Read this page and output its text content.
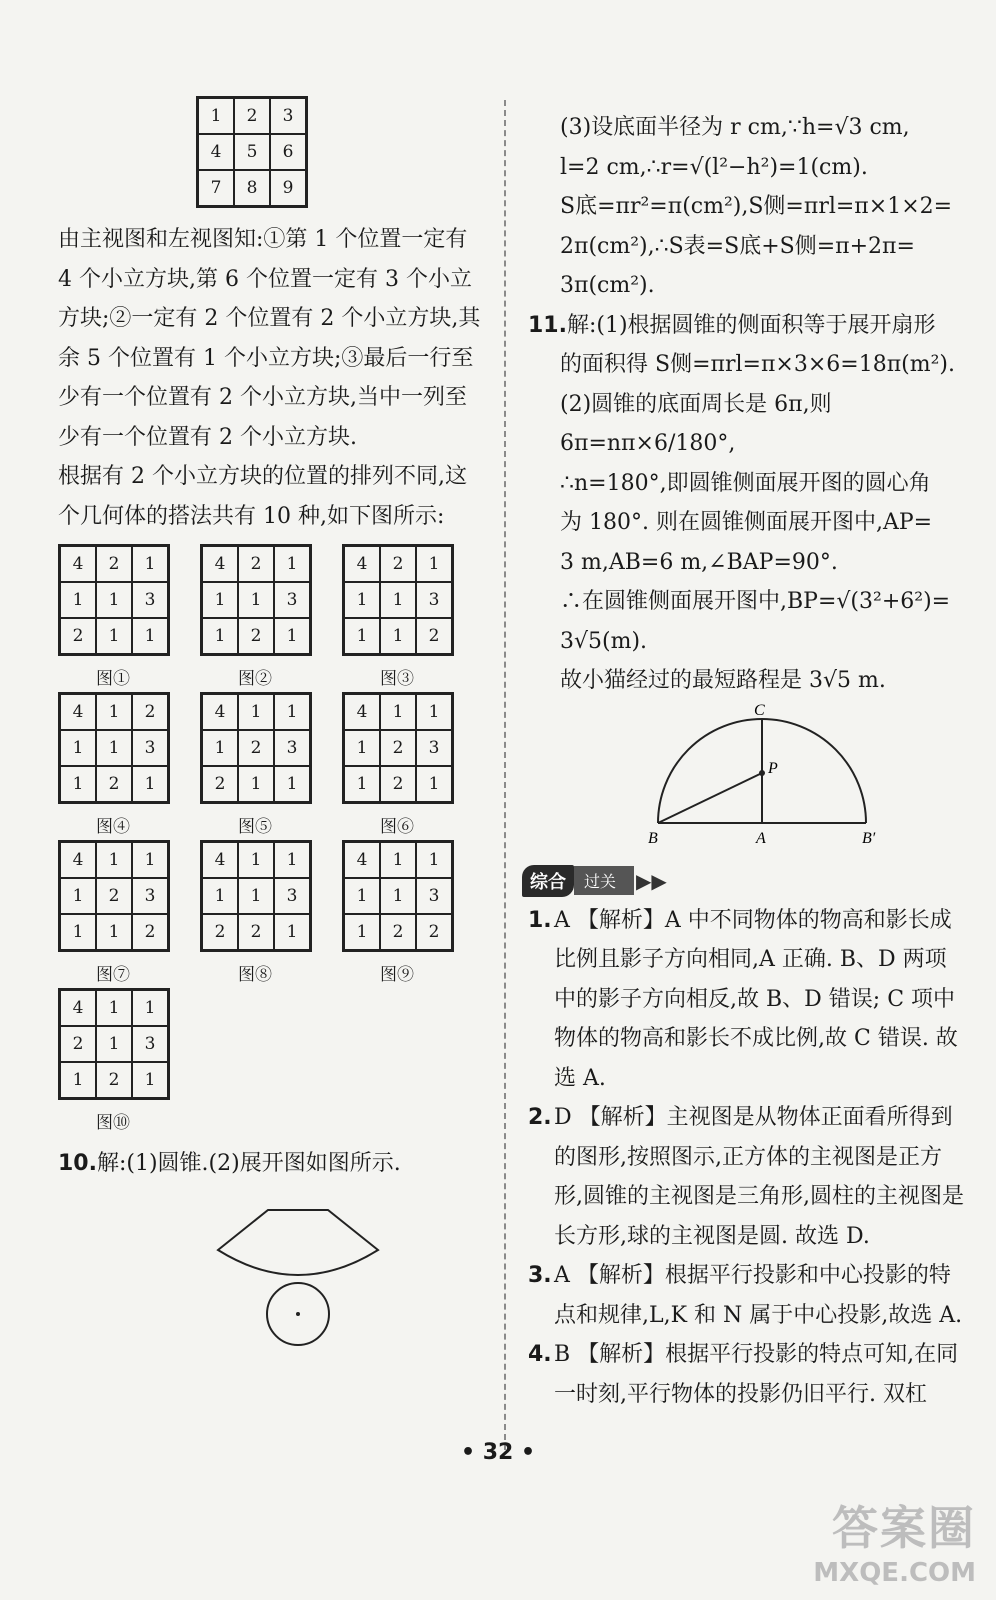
1	2	3
4	5	6
7	8	9

由主视图和左视图知:①第 1 个位置一定有 4 个小立方块,第 6 个位置一定有 3 个小立方块;②一定有 2 个位置有 2 个小立方块,其余 5 个位置有 1 个小立方块;③最后一行至少有一个位置有 2 个小立方块,当中一列至少有一个位置有 2 个小立方块.

根据有 2 个小立方块的位置的排列不同,这个几何体的搭法共有 10 种,如下图所示:

4	2	1
1	1	3
2	1	1
图①
4	2	1
1	1	3
1	2	1
图②
4	2	1
1	1	3
1	1	2
图③
4	1	2
1	1	3
1	2	1
图④
4	1	1
1	2	3
2	1	1
图⑤
4	1	1
1	2	3
1	2	1
图⑥
4	1	1
1	2	3
1	1	2
图⑦
4	1	1
1	1	3
2	2	1
图⑧
4	1	1
1	1	3
1	2	2
图⑨
4	1	1
2	1	3
1	2	1
图⑩

10.解:(1)圆锥.(2)展开图如图所示.

(3)设底面半径为 r cm,∵h=√3 cm,

l=2 cm,∴r=√(l²−h²)=1(cm).

S底=πr²=π(cm²),S侧=πrl=π×1×2=

2π(cm²),∴S表=S底+S侧=π+2π=

3π(cm²).

11.解:(1)根据圆锥的侧面积等于展开扇形

的面积得 S侧=πrl=π×3×6=18π(m²).

(2)圆锥的底面周长是 6π,则 6π=nπ×6/180°,

∴n=180°,即圆锥侧面展开图的圆心角

为 180°. 则在圆锥侧面展开图中,AP=

3 m,AB=6 m,∠BAP=90°.

∴在圆锥侧面展开图中,BP=√(3²+6²)=

3√5(m).

故小猫经过的最短路程是 3√5 m.

C
P
B	A	B′
综合	过关	▶▶
1. A 【解析】A 中不同物体的物高和影长成比例且影子方向相同,A 正确. B、D 两项中的影子方向相反,故 B、D 错误; C 项中物体的物高和影长不成比例,故 C 错误. 故选 A.

2. D 【解析】主视图是从物体正面看所得到的图形,按照图示,正方体的主视图是正方形,圆锥的主视图是三角形,圆柱的主视图是长方形,球的主视图是圆. 故选 D.

3. A 【解析】根据平行投影和中心投影的特点和规律,L,K 和 N 属于中心投影,故选 A.

4. B 【解析】根据平行投影的特点可知,在同一时刻,平行物体的投影仍旧平行. 双杠

• 32 •
答案圈
MXQE.COM
